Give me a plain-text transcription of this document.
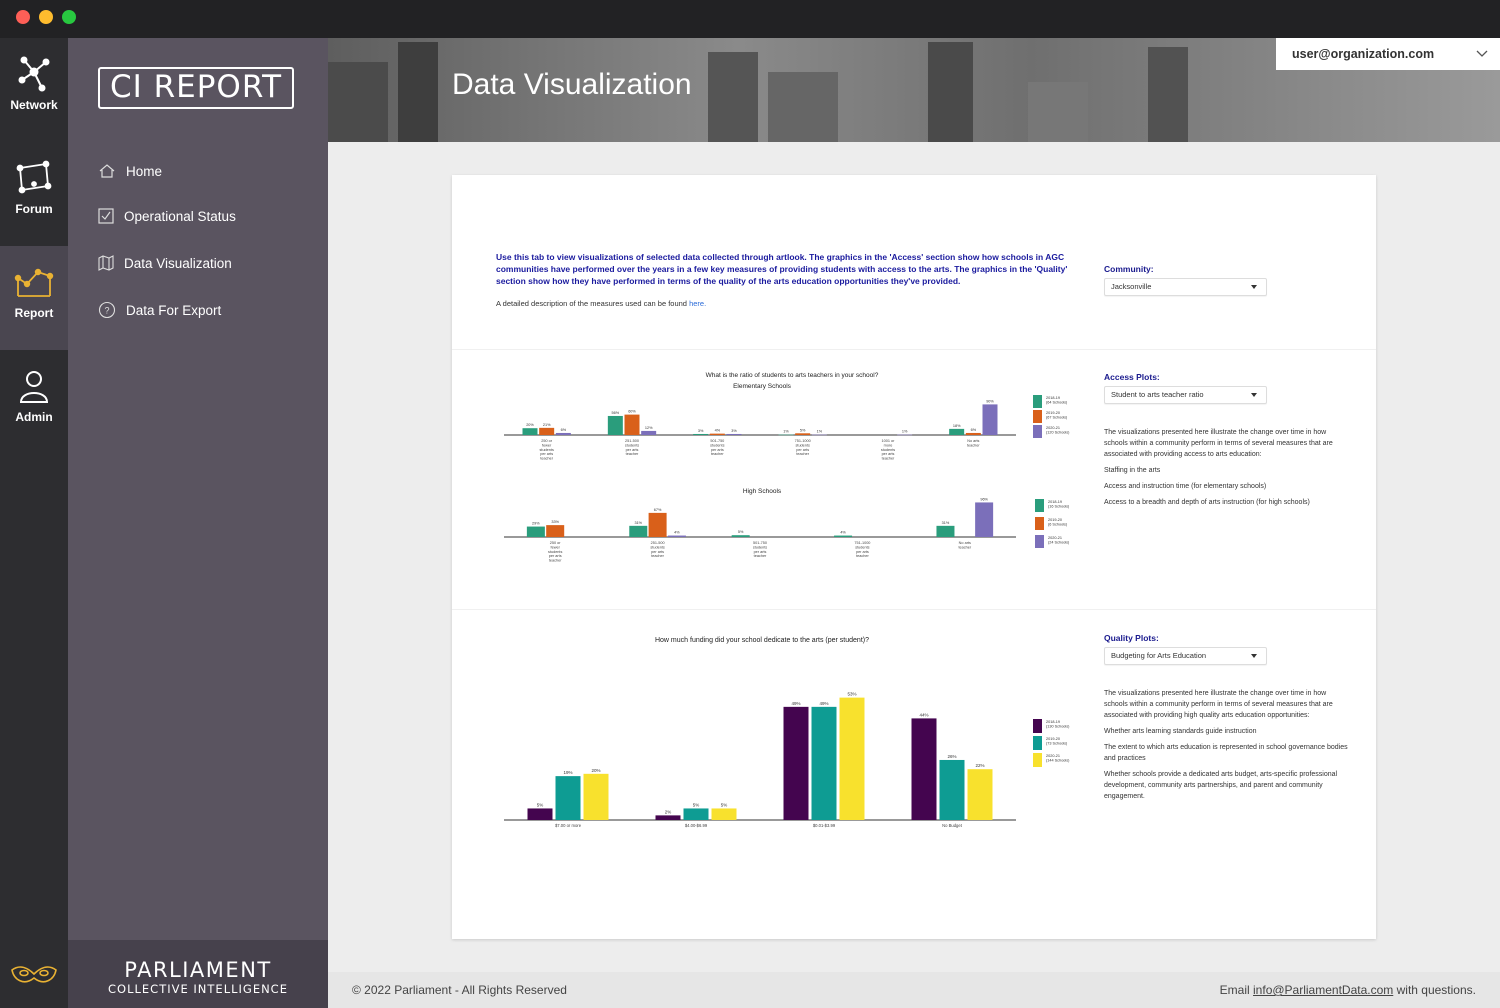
Network
Forum
Report
Admin
CI REPORT
Home
Operational Status
Data Visualization
? Data For Export
PARLIAMENT
COLLECTIVE INTELLIGENCE
Data Visualization
user@organization.com
Use this tab to view visualizations of selected data collected through artlook. The graphics in the 'Access' section show how schools in AGC communities have performed over the years in a few key measures of providing students with access to the arts. The graphics in the 'Quality' section show how they have performed in terms of the quality of the arts education opportunities they've provided.
A detailed description of the measures used can be found here.
Community:
Jacksonville
What is the ratio of students to arts teachers in your school?
Elementary Schools
20% 21%
6%
250 or fewer students per arts teacher
56% 60%
12%
251-500 students per arts teacher
3%	4%	3%
501-750 students per arts teacher
1%	5%	1%
751-1000 students per arts teacher
1%
1001 or more students per arts teacher
18%
6%
90%
No arts teacher
2018-19 (64 Schools)
2019-20 (67 Schools)
2020-21 (120 Schools)
High Schools
29%	33%
250 or fewer students per arts teacher
31%
67%
4%
251-500 students per arts teacher
5%
501-750 students per arts teacher
4%
751-1000 students per arts teacher
31%
96%
No arts teacher
2018-19 (16 Schools)
2019-20 (6 Schools)
2020-21 (24 Schools)
Access Plots:
Student to arts teacher ratio

The visualizations presented here illustrate the change over time in how schools within a community perform in terms of several measures that are associated with providing access to arts education:

Staffing in the arts

Access and instruction time (for elementary schools)

Access to a breadth and depth of arts instruction (for high schools)

How much funding did your school dedicate to the arts (per student)?
5%
19%	20%
$7.00 or more
2%
5%	5%
$4.00-$6.99
49%	49%
53%
$0.01-$3.99
44%
26%
22%
No Budget
2018-19 (130 Schools)
2019-20 (73 Schools)
2020-21 (144 Schools)
Quality Plots:
Budgeting for Arts Education

The visualizations presented here illustrate the change over time in how schools within a community perform in terms of several measures that are associated with providing high quality arts education opportunities:

Whether arts learning standards guide instruction

The extent to which arts education is represented in school governance bodies and practices

Whether schools provide a dedicated arts budget, arts-specific professional development, community arts partnerships, and parent and community engagement.

© 2022 Parliament - All Rights Reserved	Email info@ParliamentData.com with questions.
